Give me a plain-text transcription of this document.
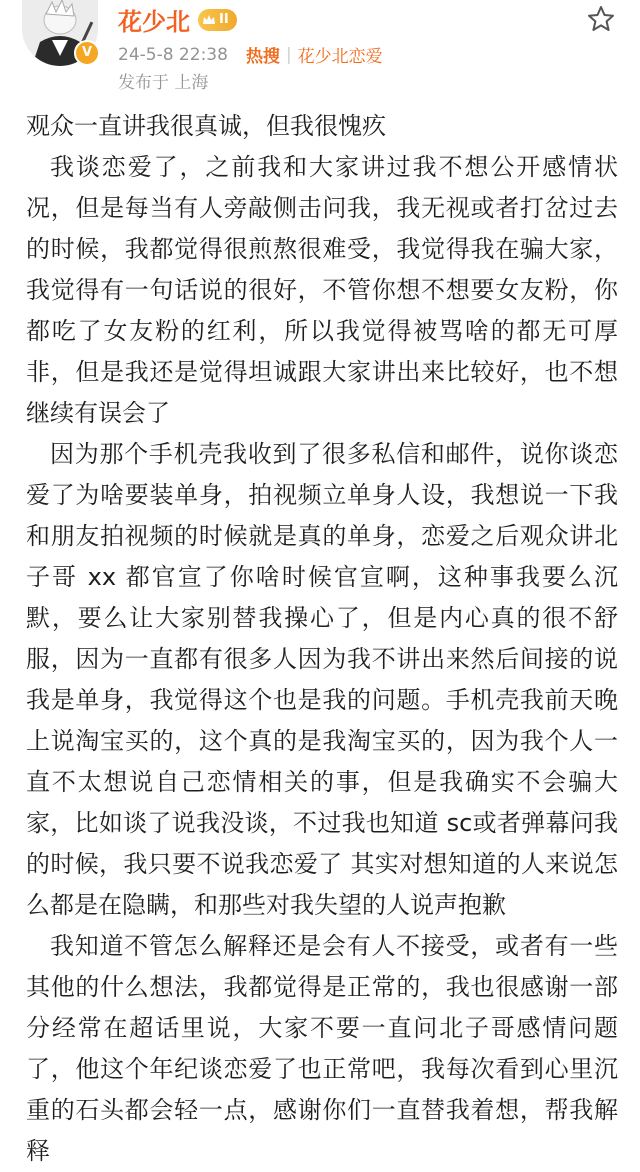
V
花少北 II
24-5-8 22:38 热搜 | 花少北恋爱
发布于 上海

观众一直讲我很真诚，但我很愧疚

我谈恋爱了，之前我和大家讲过我不想公开感情状况，但是每当有人旁敲侧击问我，我无视或者打岔过去的时候，我都觉得很煎熬很难受，我觉得我在骗大家，我觉得有一句话说的很好，不管你想不想要女友粉，你都吃了女友粉的红利，所以我觉得被骂啥的都无可厚非，但是我还是觉得坦诚跟大家讲出来比较好，也不想继续有误会了

因为那个手机壳我收到了很多私信和邮件，说你谈恋爱了为啥要装单身，拍视频立单身人设，我想说一下我和朋友拍视频的时候就是真的单身，恋爱之后观众讲北子哥 xx 都官宣了你啥时候官宣啊，这种事我要么沉默，要么让大家别替我操心了，但是内心真的很不舒服，因为一直都有很多人因为我不讲出来然后间接的说我是单身，我觉得这个也是我的问题。手机壳我前天晚上说淘宝买的，这个真的是我淘宝买的，因为我个人一直不太想说自己恋情相关的事，但是我确实不会骗大家，比如谈了说我没谈，不过我也知道 sc或者弹幕问我的时候，我只要不说我恋爱了 其实对想知道的人来说怎么都是在隐瞒，和那些对我失望的人说声抱歉

我知道不管怎么解释还是会有人不接受，或者有一些其他的什么想法，我都觉得是正常的，我也很感谢一部分经常在超话里说，大家不要一直问北子哥感情问题了，他这个年纪谈恋爱了也正常吧，我每次看到心里沉重的石头都会轻一点，感谢你们一直替我着想，帮我解释
